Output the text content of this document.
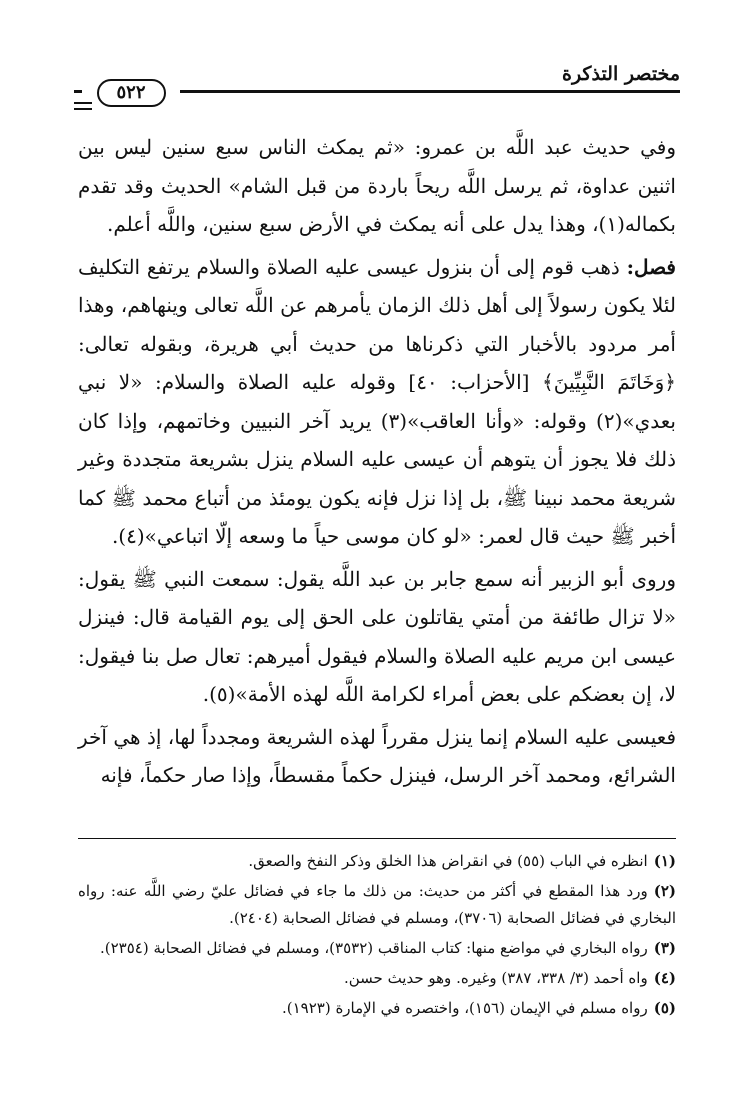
مختصر التذكرة
٥٢٢

وفي حديث عبد اللَّه بن عمرو: «ثم يمكث الناس سبع سنين ليس بين اثنين عداوة، ثم يرسل اللَّه ريحاً باردة من قبل الشام» الحديث وقد تقدم بكماله(١)، وهذا يدل على أنه يمكث في الأرض سبع سنين، واللَّه أعلم.

فصل: ذهب قوم إلى أن بنزول عيسى عليه الصلاة والسلام يرتفع التكليف لئلا يكون رسولاً إلى أهل ذلك الزمان يأمرهم عن اللَّه تعالى وينهاهم، وهذا أمر مردود بالأخبار التي ذكرناها من حديث أبي هريرة، وبقوله تعالى: ﴿وَخَاتَمَ النَّبِيِّينَ﴾ [الأحزاب: ٤٠] وقوله عليه الصلاة والسلام: «لا نبي بعدي»(٢) وقوله: «وأنا العاقب»(٣) يريد آخر النبيين وخاتمهم، وإذا كان ذلك فلا يجوز أن يتوهم أن عيسى عليه السلام ينزل بشريعة متجددة وغير شريعة محمد نبينا ﷺ، بل إذا نزل فإنه يكون يومئذ من أتباع محمد ﷺ كما أخبر ﷺ حيث قال لعمر: «لو كان موسى حياً ما وسعه إلّا اتباعي»(٤).

وروى أبو الزبير أنه سمع جابر بن عبد اللَّه يقول: سمعت النبي ﷺ يقول: «لا تزال طائفة من أمتي يقاتلون على الحق إلى يوم القيامة قال: فينزل عيسى ابن مريم عليه الصلاة والسلام فيقول أميرهم: تعال صل بنا فيقول: لا، إن بعضكم على بعض أمراء لكرامة اللَّه لهذه الأمة»(٥).

فعيسى عليه السلام إنما ينزل مقرراً لهذه الشريعة ومجدداً لها، إذ هي آخر الشرائع، ومحمد آخر الرسل، فينزل حكماً مقسطاً، وإذا صار حكماً، فإنه

(١)انظره في الباب (٥٥) في انقراض هذا الخلق وذكر النفخ والصعق.

(٢)ورد هذا المقطع في أكثر من حديث: من ذلك ما جاء في فضائل عليّ رضي اللَّه عنه: رواه البخاري في فضائل الصحابة (٣٧٠٦)، ومسلم في فضائل الصحابة (٢٤٠٤).

(٣)رواه البخاري في مواضع منها: كتاب المناقب (٣٥٣٢)، ومسلم في فضائل الصحابة (٢٣٥٤).

(٤)واه أحمد (٣/ ٣٣٨، ٣٨٧) وغيره. وهو حديث حسن.

(٥)رواه مسلم في الإيمان (١٥٦)، واختصره في الإمارة (١٩٢٣).
